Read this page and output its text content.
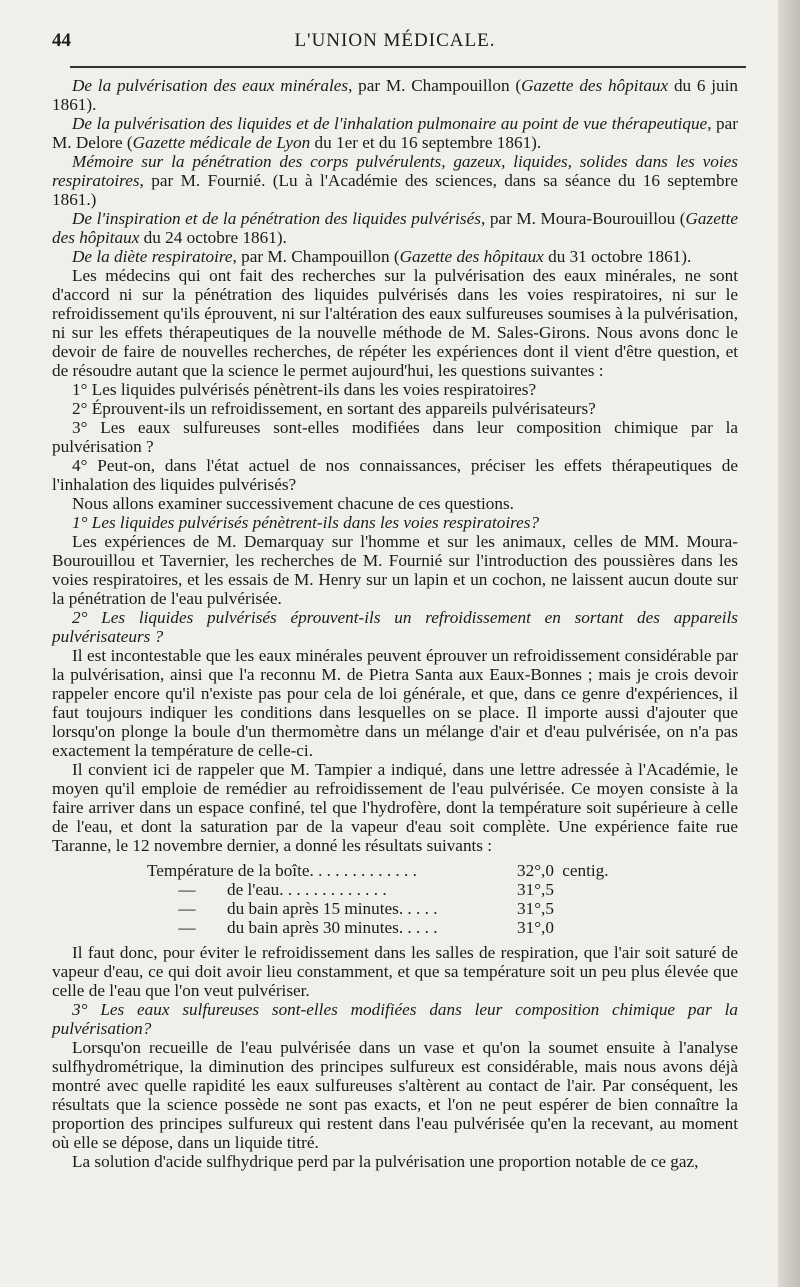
44	L'UNION MÉDICALE.

De la pulvérisation des eaux minérales, par M. Champouillon (Gazette des hôpitaux du 6 juin 1861).

De la pulvérisation des liquides et de l'inhalation pulmonaire au point de vue thérapeutique, par M. Delore (Gazette médicale de Lyon du 1er et du 16 septembre 1861).

Mémoire sur la pénétration des corps pulvérulents, gazeux, liquides, solides dans les voies respiratoires, par M. Fournié. (Lu à l'Académie des sciences, dans sa séance du 16 septembre 1861.)

De l'inspiration et de la pénétration des liquides pulvérisés, par M. Moura-Bourouillou (Gazette des hôpitaux du 24 octobre 1861).

De la diète respiratoire, par M. Champouillon (Gazette des hôpitaux du 31 octobre 1861).

Les médecins qui ont fait des recherches sur la pulvérisation des eaux minérales, ne sont d'accord ni sur la pénétration des liquides pulvérisés dans les voies respiratoires, ni sur le refroidissement qu'ils éprouvent, ni sur l'altération des eaux sulfureuses soumises à la pulvérisation, ni sur les effets thérapeutiques de la nouvelle méthode de M. Sales-Girons. Nous avons donc le devoir de faire de nouvelles recherches, de répéter les expériences dont il vient d'être question, et de résoudre autant que la science le permet aujourd'hui, les questions suivantes :

1° Les liquides pulvérisés pénètrent-ils dans les voies respiratoires?

2° Éprouvent-ils un refroidissement, en sortant des appareils pulvérisateurs?

3° Les eaux sulfureuses sont-elles modifiées dans leur composition chimique par la pulvérisation ?

4° Peut-on, dans l'état actuel de nos connaissances, préciser les effets thérapeutiques de l'inhalation des liquides pulvérisés?

Nous allons examiner successivement chacune de ces questions.

1° Les liquides pulvérisés pénètrent-ils dans les voies respiratoires?

Les expériences de M. Demarquay sur l'homme et sur les animaux, celles de MM. Moura-Bourouillou et Tavernier, les recherches de M. Fournié sur l'introduction des poussières dans les voies respiratoires, et les essais de M. Henry sur un lapin et un cochon, ne laissent aucun doute sur la pénétration de l'eau pulvérisée.

2° Les liquides pulvérisés éprouvent-ils un refroidissement en sortant des appareils pulvérisateurs ?

Il est incontestable que les eaux minérales peuvent éprouver un refroidissement considérable par la pulvérisation, ainsi que l'a reconnu M. de Pietra Santa aux Eaux-Bonnes ; mais je crois devoir rappeler encore qu'il n'existe pas pour cela de loi générale, et que, dans ce genre d'expériences, il faut toujours indiquer les conditions dans lesquelles on se place. Il importe aussi d'ajouter que lorsqu'on plonge la boule d'un thermomètre dans un mélange d'air et d'eau pulvérisée, on n'a pas exactement la température de celle-ci.

Il convient ici de rappeler que M. Tampier a indiqué, dans une lettre adressée à l'Académie, le moyen qu'il emploie de remédier au refroidissement de l'eau pulvérisée. Ce moyen consiste à la faire arriver dans un espace confiné, tel que l'hydrofère, dont la température soit supérieure à celle de l'eau, et dont la saturation par de la vapeur d'eau soit complète. Une expérience faite rue Taranne, le 12 novembre dernier, a donné les résultats suivants :

Température de la boîte. . . . . . . . . . . . .	32°,0 centig.
— de l'eau. . . . . . . . . . . . .	31°,5
— du bain après 15 minutes. . . . .	31°,5
— du bain après 30 minutes. . . . .	31°,0

Il faut donc, pour éviter le refroidissement dans les salles de respiration, que l'air soit saturé de vapeur d'eau, ce qui doit avoir lieu constamment, et que sa température soit un peu plus élevée que celle de l'eau que l'on veut pulvériser.

3° Les eaux sulfureuses sont-elles modifiées dans leur composition chimique par la pulvérisation?

Lorsqu'on recueille de l'eau pulvérisée dans un vase et qu'on la soumet ensuite à l'analyse sulfhydrométrique, la diminution des principes sulfureux est considérable, mais nous avons déjà montré avec quelle rapidité les eaux sulfureuses s'altèrent au contact de l'air. Par conséquent, les résultats que la science possède ne sont pas exacts, et l'on ne peut espérer de bien connaître la proportion des principes sulfureux qui restent dans l'eau pulvérisée qu'en la recevant, au moment où elle se dépose, dans un liquide titré.

La solution d'acide sulfhydrique perd par la pulvérisation une proportion notable de ce gaz,
